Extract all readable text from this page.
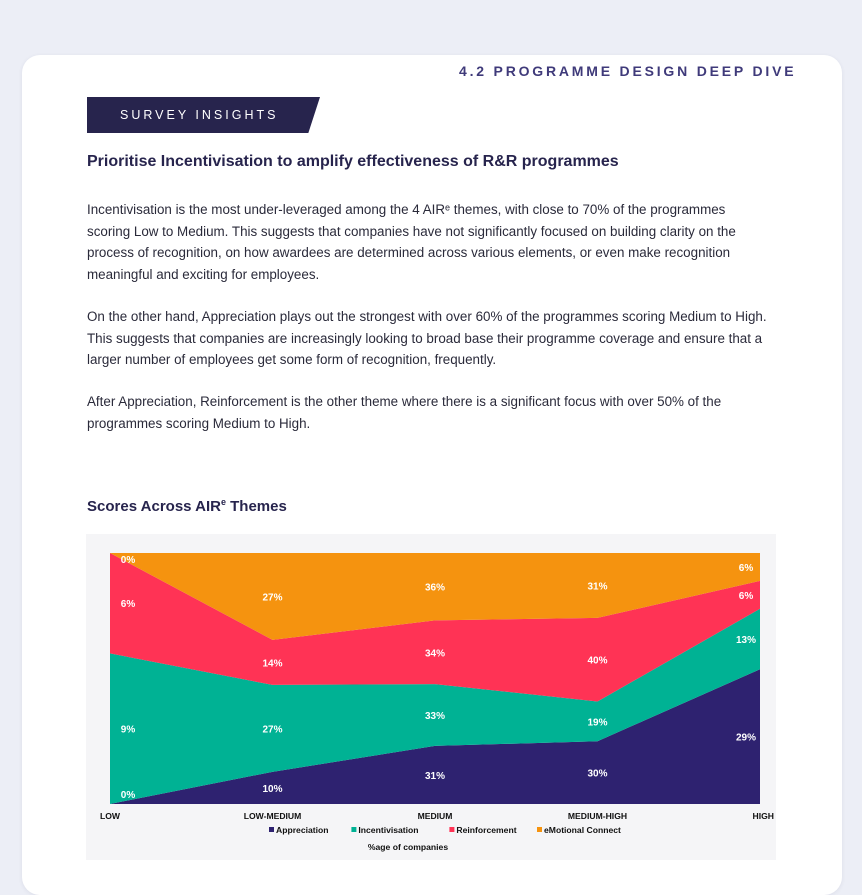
4.2 PROGRAMME DESIGN DEEP DIVE
SURVEY INSIGHTS
Prioritise Incentivisation to amplify effectiveness of R&R programmes

Incentivisation is the most under-leveraged among the 4 AIRᵉ themes, with close to 70% of the programmes scoring Low to Medium. This suggests that companies have not significantly focused on building clarity on the process of recognition, on how awardees are determined across various elements, or even make recognition meaningful and exciting for employees.

On the other hand, Appreciation plays out the strongest with over 60% of the programmes scoring Medium to High. This suggests that companies are increasingly looking to broad base their programme coverage and ensure that a larger number of employees get some form of recognition, frequently.

After Appreciation, Reinforcement is the other theme where there is a significant focus with over 50% of the programmes scoring Medium to High.

Scores Across AIR$^e$ Themes
0%
10%
31%	30%
29%
9%	27%
33%
19%
13%
6%
14%
34%
40%
6%
0%
27%
36%	31%
6%
LOW	LOW-MEDIUM	MEDIUM	MEDIUM-HIGH	HIGH
Appreciation	Incentivisation	Reinforcement	eMotional Connect
%age of companies
